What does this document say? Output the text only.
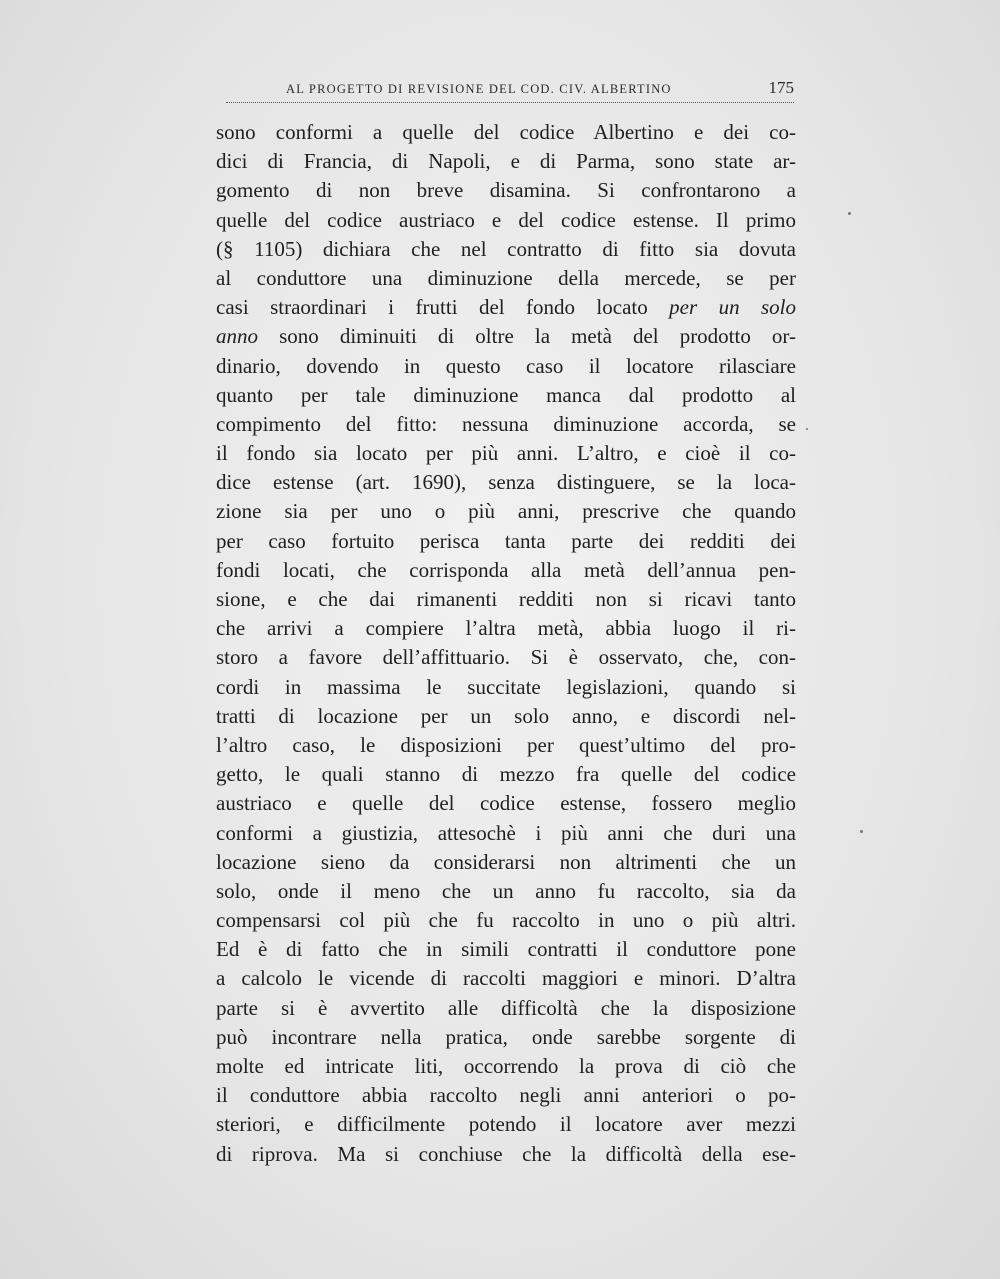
AL PROGETTO DI REVISIONE DEL COD. CIV. ALBERTINO	175
sono conformi a quelle del codice Albertino e dei co-
dici di Francia, di Napoli, e di Parma, sono state ar-
gomento di non breve disamina. Si confrontarono a
quelle del codice austriaco e del codice estense. Il primo
(§ 1105) dichiara che nel contratto di fitto sia dovuta
al conduttore una diminuzione della mercede, se per
casi straordinari i frutti del fondo locato per un solo
anno sono diminuiti di oltre la metà del prodotto or-
dinario, dovendo in questo caso il locatore rilasciare
quanto per tale diminuzione manca dal prodotto al
compimento del fitto: nessuna diminuzione accorda, se
il fondo sia locato per più anni. L’altro, e cioè il co-
dice estense (art. 1690), senza distinguere, se la loca-
zione sia per uno o più anni, prescrive che quando
per caso fortuito perisca tanta parte dei redditi dei
fondi locati, che corrisponda alla metà dell’annua pen-
sione, e che dai rimanenti redditi non si ricavi tanto
che arrivi a compiere l’altra metà, abbia luogo il ri-
storo a favore dell’affittuario. Si è osservato, che, con-
cordi in massima le succitate legislazioni, quando si
tratti di locazione per un solo anno, e discordi nel-
l’altro caso, le disposizioni per quest’ultimo del pro-
getto, le quali stanno di mezzo fra quelle del codice
austriaco e quelle del codice estense, fossero meglio
conformi a giustizia, attesochè i più anni che duri una
locazione sieno da considerarsi non altrimenti che un
solo, onde il meno che un anno fu raccolto, sia da
compensarsi col più che fu raccolto in uno o più altri.
Ed è di fatto che in simili contratti il conduttore pone
a calcolo le vicende di raccolti maggiori e minori. D’altra
parte si è avvertito alle difficoltà che la disposizione
può incontrare nella pratica, onde sarebbe sorgente di
molte ed intricate liti, occorrendo la prova di ciò che
il conduttore abbia raccolto negli anni anteriori o po-
steriori, e difficilmente potendo il locatore aver mezzi
di riprova. Ma si conchiuse che la difficoltà della ese-
